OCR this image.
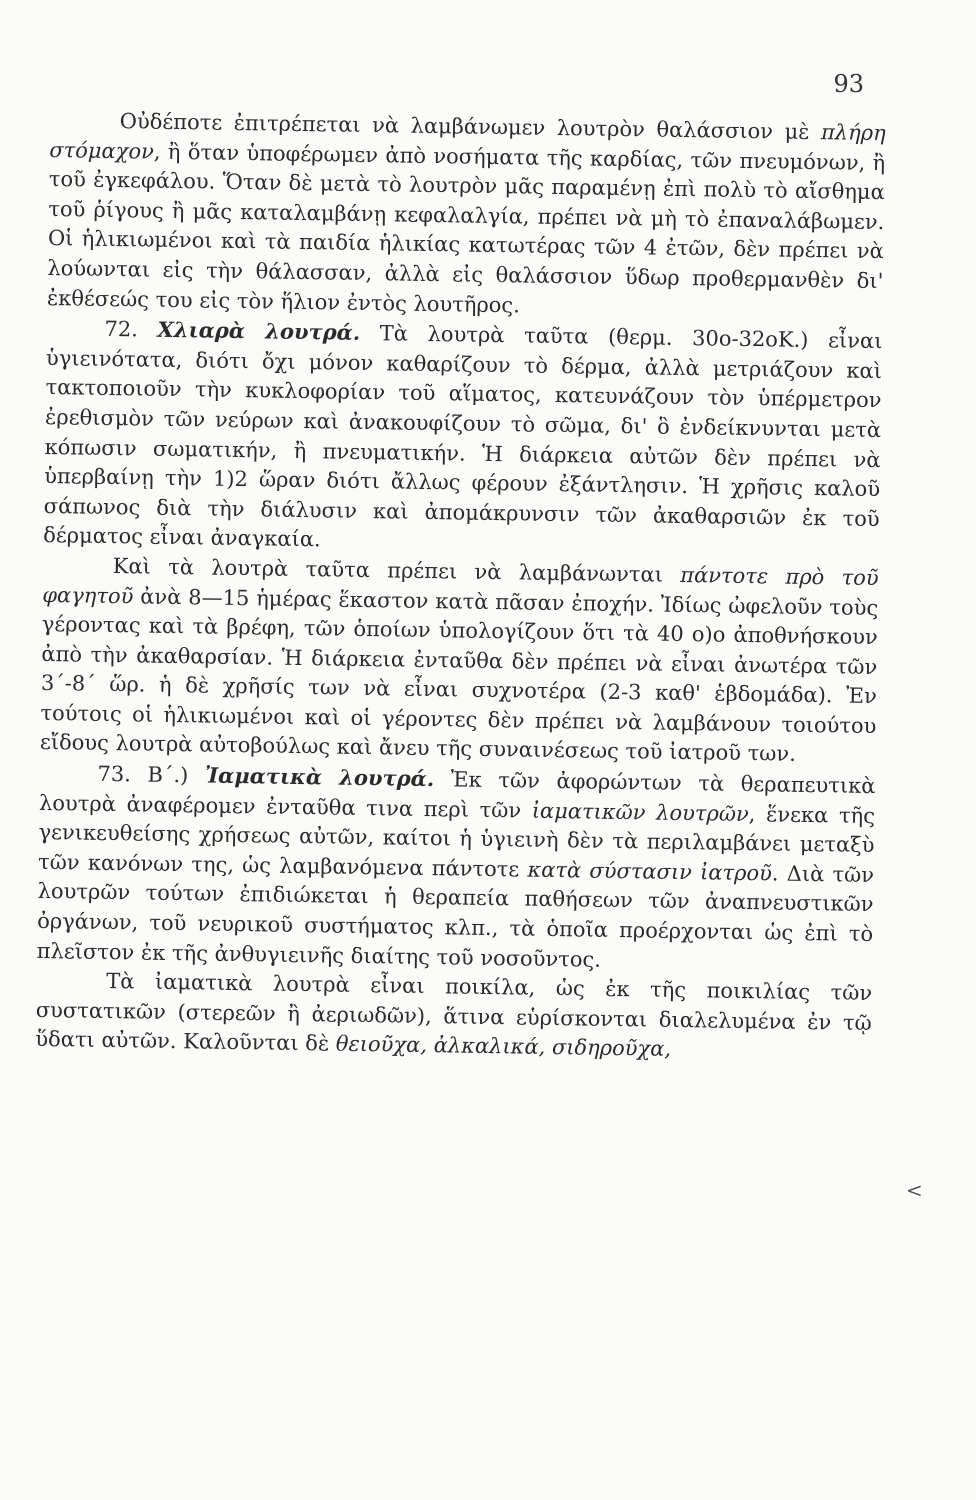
93

Οὐδέποτε ἐπιτρέπεται νὰ λαμβάνωμεν λουτρὸν θαλάσσιον μὲ πλήρη στόμαχον, ἢ ὅταν ὑποφέρωμεν ἀπὸ νοσήματα τῆς καρδίας, τῶν πνευμόνων, ἢ τοῦ ἐγκεφάλου. Ὅταν δὲ μετὰ τὸ λουτρὸν μᾶς παραμένῃ ἐπὶ πολὺ τὸ αἴσθημα τοῦ ῥίγους ἢ μᾶς καταλαμβάνῃ κεφαλαλγία, πρέπει νὰ μὴ τὸ ἐπαναλάβωμεν. Οἱ ἡλικιωμένοι καὶ τὰ παιδία ἡλικίας κατωτέρας τῶν 4 ἐτῶν, δὲν πρέπει νὰ λούωνται εἰς τὴν θάλασσαν, ἀλλὰ εἰς θαλάσσιον ὕδωρ προθερμανθὲν δι' ἐκθέσεώς του εἰς τὸν ἥλιον ἐντὸς λουτῆρος.

72. Χλιαρὰ λουτρά. Τὰ λουτρὰ ταῦτα (θερμ. 30ο-32οΚ.) εἶναι ὑγιεινότατα, διότι ὄχι μόνον καθαρίζουν τὸ δέρμα, ἀλλὰ μετριάζουν καὶ τακτοποιοῦν τὴν κυκλοφορίαν τοῦ αἵματος, κατευνάζουν τὸν ὑπέρμετρον ἐρεθισμὸν τῶν νεύρων καὶ ἀνακουφίζουν τὸ σῶμα, δι' ὃ ἐνδείκνυνται μετὰ κόπωσιν σωματικήν, ἢ πνευματικήν. Ἡ διάρκεια αὐτῶν δὲν πρέπει νὰ ὑπερβαίνῃ τὴν 1)2 ὥραν διότι ἄλλως φέρουν ἐξάντλησιν. Ἡ χρῆσις καλοῦ σάπωνος διὰ τὴν διάλυσιν καὶ ἀπομάκρυνσιν τῶν ἀκαθαρσιῶν ἐκ τοῦ δέρματος εἶναι ἀναγκαία.

Καὶ τὰ λουτρὰ ταῦτα πρέπει νὰ λαμβάνωνται πάντοτε πρὸ τοῦ φαγητοῦ ἀνὰ 8—15 ἡμέρας ἕκαστον κατὰ πᾶσαν ἐποχήν. Ἰδίως ὠφελοῦν τοὺς γέροντας καὶ τὰ βρέφη, τῶν ὁποίων ὑπολογίζουν ὅτι τὰ 40 ο)ο ἀποθνήσκουν ἀπὸ τὴν ἀκαθαρσίαν. Ἡ διάρκεια ἐνταῦθα δὲν πρέπει νὰ εἶναι ἀνωτέρα τῶν 3΄-8΄ ὥρ. ἡ δὲ χρῆσίς των νὰ εἶναι συχνοτέρα (2-3 καθ' ἑβδομάδα). Ἐν τούτοις οἱ ἡλικιωμένοι καὶ οἱ γέροντες δὲν πρέπει νὰ λαμβάνουν τοιούτου εἴδους λουτρὰ αὐτοβούλως καὶ ἄνευ τῆς συναινέσεως τοῦ ἰατροῦ των.

73. Β΄.) Ἰαματικὰ λουτρά. Ἐκ τῶν ἀφορώντων τὰ θεραπευτικὰ λουτρὰ ἀναφέρομεν ἐνταῦθα τινα περὶ τῶν ἰαματικῶν λουτρῶν, ἕνεκα τῆς γενικευθείσης χρήσεως αὐτῶν, καίτοι ἡ ὑγιεινὴ δὲν τὰ περιλαμβάνει μεταξὺ τῶν κανόνων της, ὡς λαμβανόμενα πάντοτε κατὰ σύστασιν ἰατροῦ. Διὰ τῶν λουτρῶν τούτων ἐπιδιώκεται ἡ θεραπεία παθήσεων τῶν ἀναπνευστικῶν ὀργάνων, τοῦ νευρικοῦ συστήματος κλπ., τὰ ὁποῖα προέρχονται ὡς ἐπὶ τὸ πλεῖστον ἐκ τῆς ἀνθυγιεινῆς διαίτης τοῦ νοσοῦντος.

Τὰ ἰαματικὰ λουτρὰ εἶναι ποικίλα, ὡς ἐκ τῆς ποικιλίας τῶν συστατικῶν (στερεῶν ἢ ἀεριωδῶν), ἅτινα εὑρίσκονται διαλελυμένα ἐν τῷ ὕδατι αὐτῶν. Καλοῦνται δὲ θειοῦχα, ἀλκαλικά, σιδηροῦχα,

<
